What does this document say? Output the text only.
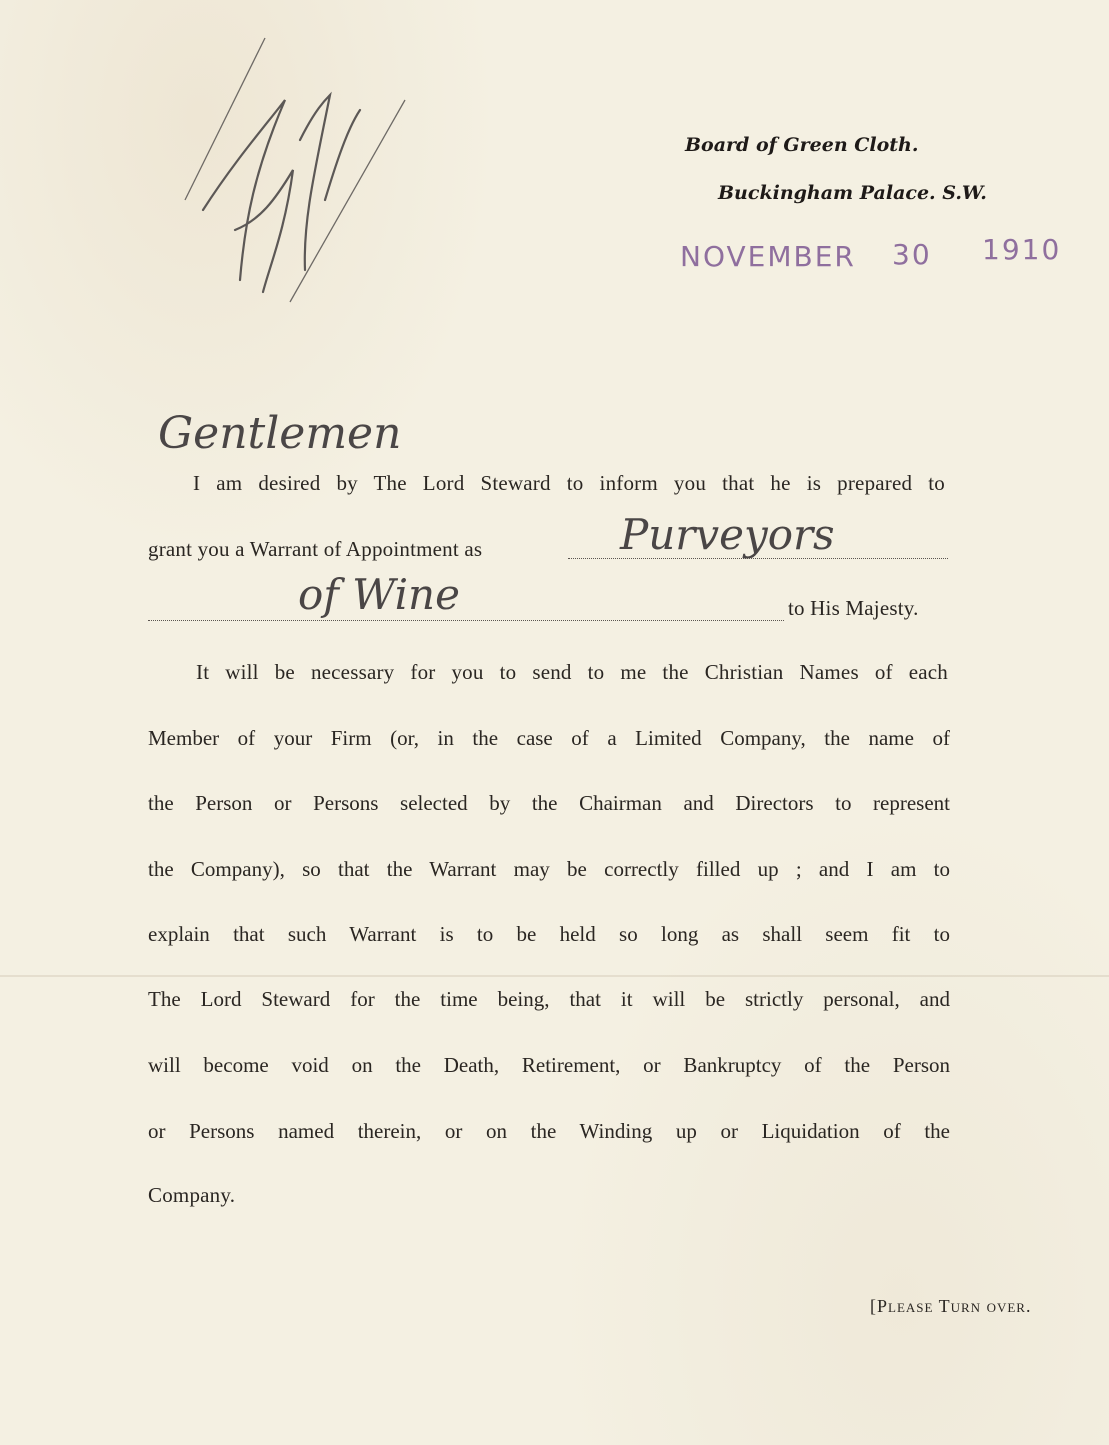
Board of Green Cloth.
Buckingham Palace. S.W.
NOVEMBER 30 1910
Gentlemen
I am desired by The Lord Steward to inform you that he is prepared to
grant you a Warrant of Appointment as	Purveyors
of Wine	to His Majesty.
It will be necessary for you to send to me the Christian Names of each
Member of your Firm (or, in the case of a Limited Company, the name of
the Person or Persons selected by the Chairman and Directors to represent
the Company), so that the Warrant may be correctly filled up ; and I am to
explain that such Warrant is to be held so long as shall seem fit to
The Lord Steward for the time being, that it will be strictly personal, and
will become void on the Death, Retirement, or Bankruptcy of the Person
or Persons named therein, or on the Winding up or Liquidation of the
Company.
[Please Turn over.
